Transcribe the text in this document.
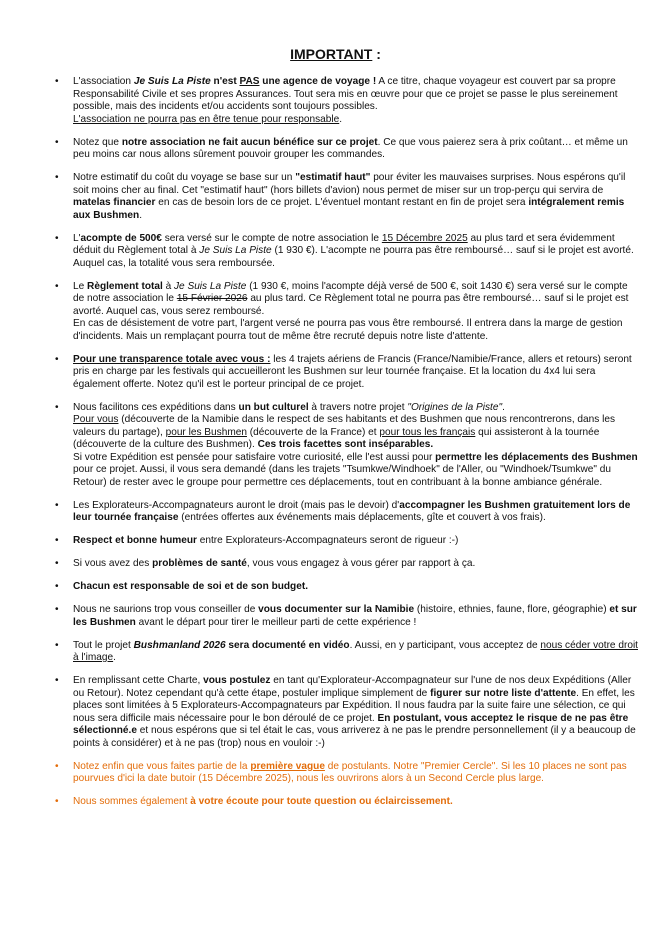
IMPORTANT :
• L'association Je Suis La Piste n'est PAS une agence de voyage ! A ce titre, chaque voyageur est couvert par sa propre Responsabilité Civile et ses propres Assurances. Tout sera mis en œuvre pour que ce projet se passe le plus sereinement possible, mais des incidents et/ou accidents sont toujours possibles.
L'association ne pourra pas en être tenue pour responsable.
• Notez que notre association ne fait aucun bénéfice sur ce projet. Ce que vous paierez sera à prix coûtant… et même un peu moins car nous allons sûrement pouvoir grouper les commandes.
• Notre estimatif du coût du voyage se base sur un "estimatif haut" pour éviter les mauvaises surprises. Nous espérons qu'il soit moins cher au final. Cet "estimatif haut" (hors billets d'avion) nous permet de miser sur un trop-perçu qui servira de matelas financier en cas de besoin lors de ce projet. L'éventuel montant restant en fin de projet sera intégralement remis aux Bushmen.
• L'acompte de 500€ sera versé sur le compte de notre association le 15 Décembre 2025 au plus tard et sera évidemment déduit du Règlement total à Je Suis La Piste (1 930 €). L'acompte ne pourra pas être remboursé… sauf si le projet est avorté. Auquel cas, la totalité vous sera remboursée.
• Le Règlement total à Je Suis La Piste (1 930 €, moins l'acompte déjà versé de 500 €, soit 1430 €) sera versé sur le compte de notre association le 15 Février 2026 au plus tard. Ce Règlement total ne pourra pas être remboursé… sauf si le projet est avorté. Auquel cas, vous serez remboursé.
En cas de désistement de votre part, l'argent versé ne pourra pas vous être remboursé. Il entrera dans la marge de gestion d'incidents. Mais un remplaçant pourra tout de même être recruté depuis notre liste d'attente.
• Pour une transparence totale avec vous : les 4 trajets aériens de Francis (France/Namibie/France, allers et retours) seront pris en charge par les festivals qui accueilleront les Bushmen sur leur tournée française. Et la location du 4x4 lui sera également offerte. Notez qu'il est le porteur principal de ce projet.
• Nous facilitons ces expéditions dans un but culturel à travers notre projet "Origines de la Piste".
Pour vous (découverte de la Namibie dans le respect de ses habitants et des Bushmen que nous rencontrerons, dans les valeurs du partage), pour les Bushmen (découverte de la France) et pour tous les français qui assisteront à la tournée (découverte de la culture des Bushmen). Ces trois facettes sont inséparables.
Si votre Expédition est pensée pour satisfaire votre curiosité, elle l'est aussi pour permettre les déplacements des Bushmen pour ce projet. Aussi, il vous sera demandé (dans les trajets "Tsumkwe/Windhoek" de l'Aller, ou "Windhoek/Tsumkwe" du Retour) de rester avec le groupe pour permettre ces déplacements, tout en contribuant à la bonne ambiance générale.
• Les Explorateurs-Accompagnateurs auront le droit (mais pas le devoir) d'accompagner les Bushmen gratuitement lors de leur tournée française (entrées offertes aux événements mais déplacements, gîte et couvert à vos frais).
• Respect et bonne humeur entre Explorateurs-Accompagnateurs seront de rigueur :-)
• Si vous avez des problèmes de santé, vous vous engagez à vous gérer par rapport à ça.
• Chacun est responsable de soi et de son budget.
• Nous ne saurions trop vous conseiller de vous documenter sur la Namibie (histoire, ethnies, faune, flore, géographie) et sur les Bushmen avant le départ pour tirer le meilleur parti de cette expérience !
• Tout le projet Bushmanland 2026 sera documenté en vidéo. Aussi, en y participant, vous acceptez de nous céder votre droit à l'image.
• En remplissant cette Charte, vous postulez en tant qu'Explorateur-Accompagnateur sur l'une de nos deux Expéditions (Aller ou Retour). Notez cependant qu'à cette étape, postuler implique simplement de figurer sur notre liste d'attente. En effet, les places sont limitées à 5 Explorateurs-Accompagnateurs par Expédition. Il nous faudra par la suite faire une sélection, ce qui nous sera difficile mais nécessaire pour le bon déroulé de ce projet. En postulant, vous acceptez le risque de ne pas être sélectionné.e et nous espérons que si tel était le cas, vous arriverez à ne pas le prendre personnellement (il y a beaucoup de points à considérer) et à ne pas (trop) nous en vouloir :-)
• Notez enfin que vous faites partie de la première vague de postulants. Notre "Premier Cercle". Si les 10 places ne sont pas pourvues d'ici la date butoir (15 Décembre 2025), nous les ouvrirons alors à un Second Cercle plus large.
• Nous sommes également à votre écoute pour toute question ou éclaircissement.
